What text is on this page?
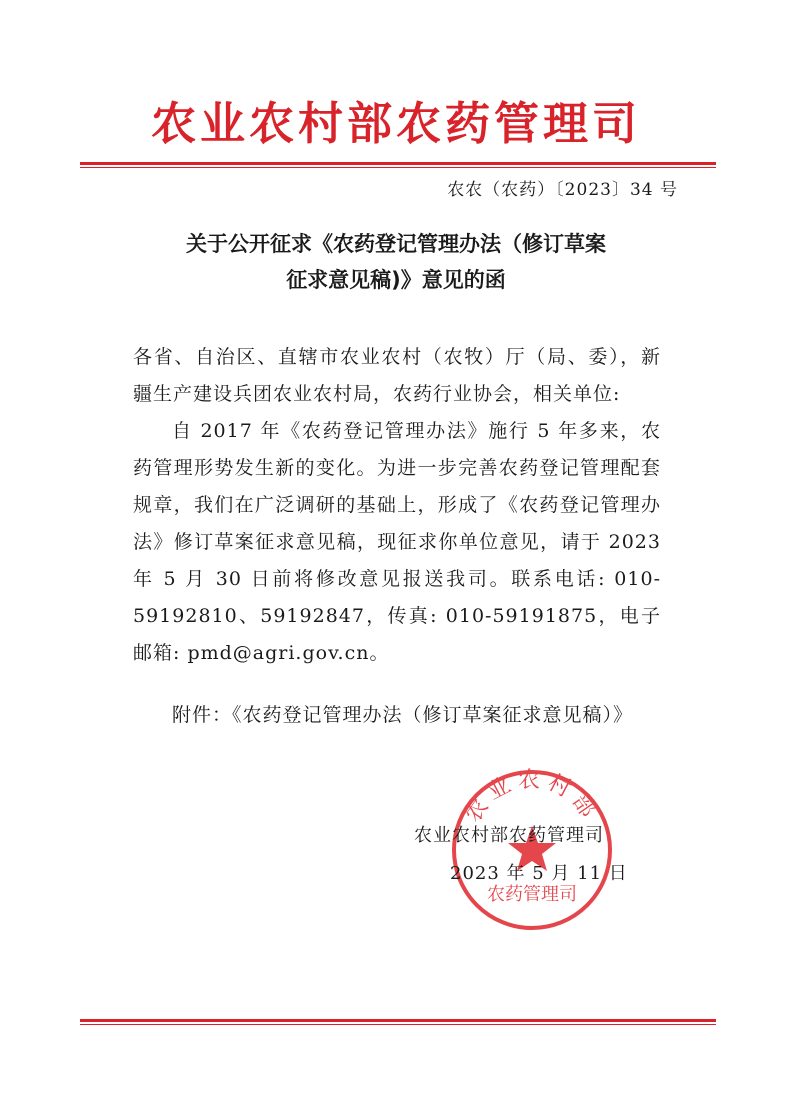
农业农村部农药管理司
农农（农药）〔2023〕34 号
关于公开征求《农药登记管理办法（修订草案
征求意见稿)》意见的函
各省、自治区、直辖市农业农村（农牧）厅（局、委），新疆生产建设兵团农业农村局，农药行业协会，相关单位:
自 2017 年《农药登记管理办法》施行 5 年多来，农药管理形势发生新的变化。为进一步完善农药登记管理配套规章，我们在广泛调研的基础上，形成了《农药登记管理办法》修订草案征求意见稿，现征求你单位意见，请于 2023 年 5 月 30 日前将修改意见报送我司。联系电话: 010-59192810、59192847，传真: 010-59191875，电子邮箱: pmd@agri.gov.cn。
附件：《农药登记管理办法（修订草案征求意见稿）》
农业农村部
农药管理司
农业农村部农药管理司
2023 年 5 月 11 日
